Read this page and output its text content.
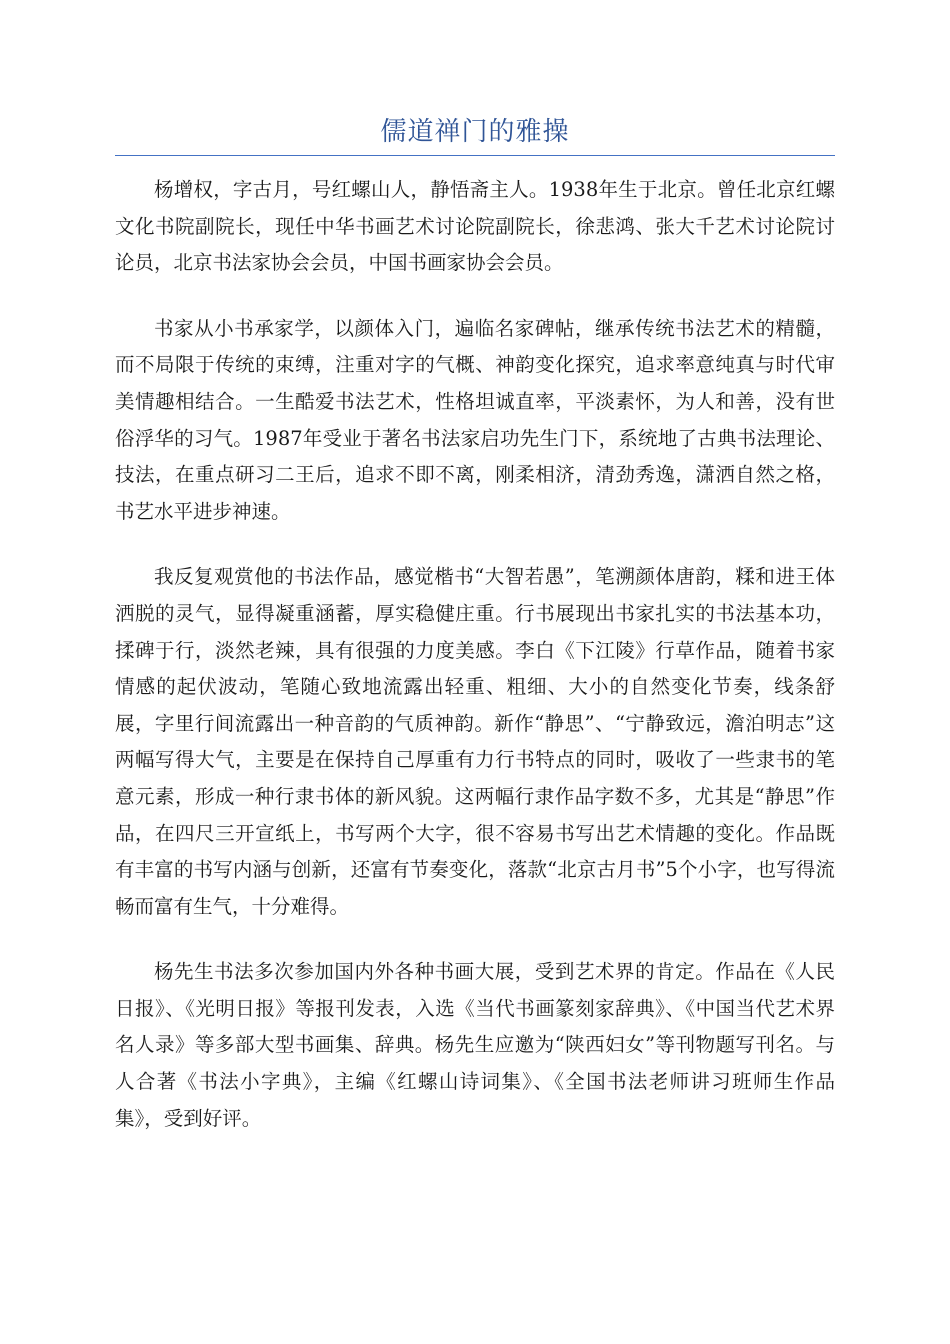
儒道禅门的雅操

杨增权，字古月，号红螺山人，静悟斋主人。1938年生于北京。曾任北京红螺文化书院副院长，现任中华书画艺术讨论院副院长，徐悲鸿、张大千艺术讨论院讨论员，北京书法家协会会员，中国书画家协会会员。

书家从小书承家学，以颜体入门，遍临名家碑帖，继承传统书法艺术的精髓，而不局限于传统的束缚，注重对字的气概、神韵变化探究，追求率意纯真与时代审美情趣相结合。一生酷爱书法艺术，性格坦诚直率，平淡素怀，为人和善，没有世俗浮华的习气。1987年受业于著名书法家启功先生门下，系统地了古典书法理论、技法，在重点研习二王后，追求不即不离，刚柔相济，清劲秀逸，潇洒自然之格，书艺水平进步神速。

我反复观赏他的书法作品，感觉楷书“大智若愚”，笔溯颜体唐韵，糅和进王体洒脱的灵气，显得凝重涵蓄，厚实稳健庄重。行书展现出书家扎实的书法基本功，揉碑于行，淡然老辣，具有很强的力度美感。李白《下江陵》行草作品，随着书家情感的起伏波动，笔随心致地流露出轻重、粗细、大小的自然变化节奏，线条舒展，字里行间流露出一种音韵的气质神韵。新作“静思”、“宁静致远，澹泊明志”这两幅写得大气，主要是在保持自己厚重有力行书特点的同时，吸收了一些隶书的笔意元素，形成一种行隶书体的新风貌。这两幅行隶作品字数不多，尤其是“静思”作品，在四尺三开宣纸上，书写两个大字，很不容易书写出艺术情趣的变化。作品既有丰富的书写内涵与创新，还富有节奏变化，落款“北京古月书”5个小字，也写得流畅而富有生气，十分难得。

杨先生书法多次参加国内外各种书画大展，受到艺术界的肯定。作品在《人民日报》、《光明日报》等报刊发表，入选《当代书画篆刻家辞典》、《中国当代艺术界名人录》等多部大型书画集、辞典。杨先生应邀为“陕西妇女”等刊物题写刊名。与人合著《书法小字典》，主编《红螺山诗词集》、《全国书法老师讲习班师生作品集》，受到好评。
